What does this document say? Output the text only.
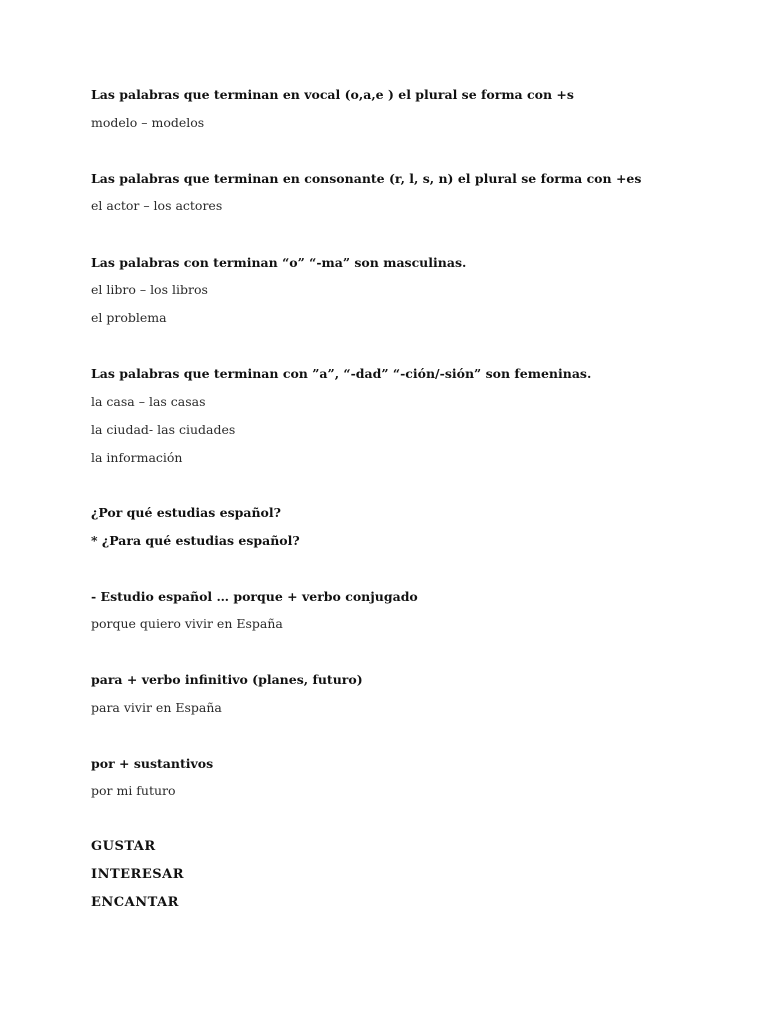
Las palabras que terminan en vocal (o,a,e ) el plural se forma con +s

modelo – modelos

Las palabras que terminan en consonante (r, l, s, n) el plural se forma con +es

el actor – los actores

Las palabras con terminan “o” “-ma” son masculinas.

el libro – los libros

el problema

Las palabras que terminan con ”a”, “-dad” “-ción/-sión” son femeninas.

la casa – las casas

la ciudad- las ciudades

la información

¿Por qué estudias español?

* ¿Para qué estudias español?

- Estudio español … porque + verbo conjugado

porque quiero vivir en España

para + verbo infinitivo (planes, futuro)

para vivir en España

por + sustantivos

por mi futuro

GUSTAR

INTERESAR

ENCANTAR
